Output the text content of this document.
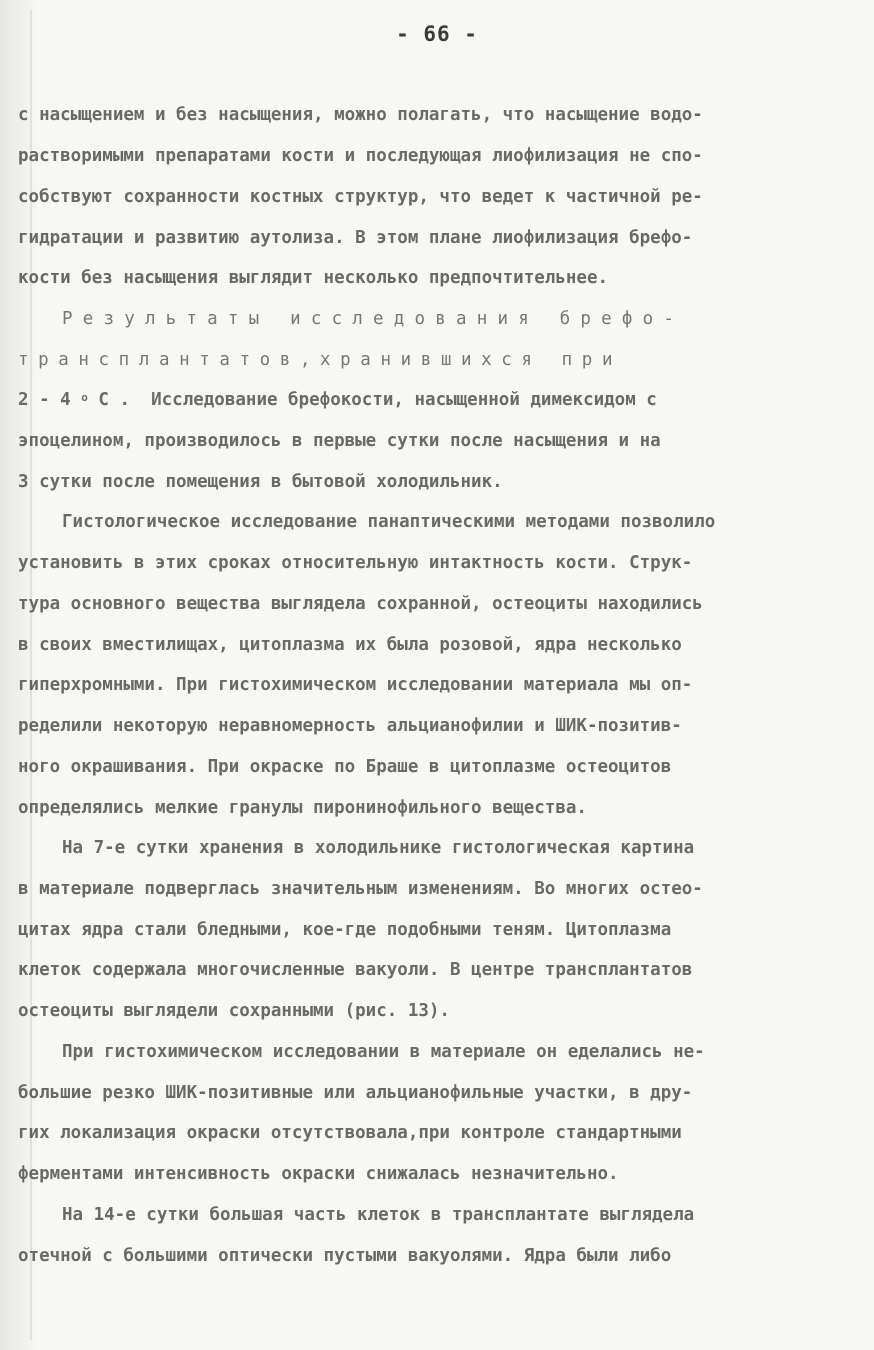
- 66 -
с насыщением и без насыщения, можно полагать, что насыщение водо-
растворимыми препаратами кости и последующая лиофилизация не спо-
собствуют сохранности костных структур, что ведет к частичной ре-
гидратации и развитию аутолиза. В этом плане лиофилизация брефо-
кости без насыщения выглядит несколько предпочтительнее.
Результаты исследования брефо-
трансплантатов,хранившихся при
2 - 4 $^о$ С . Исследование брефокости, насыщенной димексидом с
эпоцелином, производилось в первые сутки после насыщения и на
3 сутки после помещения в бытовой холодильник.
Гистологическое исследование панаптическими методами позволило
установить в этих сроках относительную интактность кости. Струк-
тура основного вещества выглядела сохранной, остеоциты находились
в своих вместилищах, цитоплазма их была розовой, ядра несколько
гиперхромными. При гистохимическом исследовании материала мы оп-
ределили некоторую неравномерность альцианофилии и ШИК-позитив-
ного окрашивания. При окраске по Браше в цитоплазме остеоцитов
определялись мелкие гранулы пиронинофильного вещества.
На 7-е сутки хранения в холодильнике гистологическая картина
в материале подверглась значительным изменениям. Во многих остео-
цитах ядра стали бледными, кое-где подобными теням. Цитоплазма
клеток содержала многочисленные вакуоли. В центре трансплантатов
остеоциты выглядели сохранными (рис. 13).
При гистохимическом исследовании в материале он еделались не-
большие резко ШИК-позитивные или альцианофильные участки, в дру-
гих локализация окраски отсутствовала,при контроле стандартными
ферментами интенсивность окраски снижалась незначительно.
На 14-е сутки большая часть клеток в трансплантате выглядела
отечной с большими оптически пустыми вакуолями. Ядра были либо
